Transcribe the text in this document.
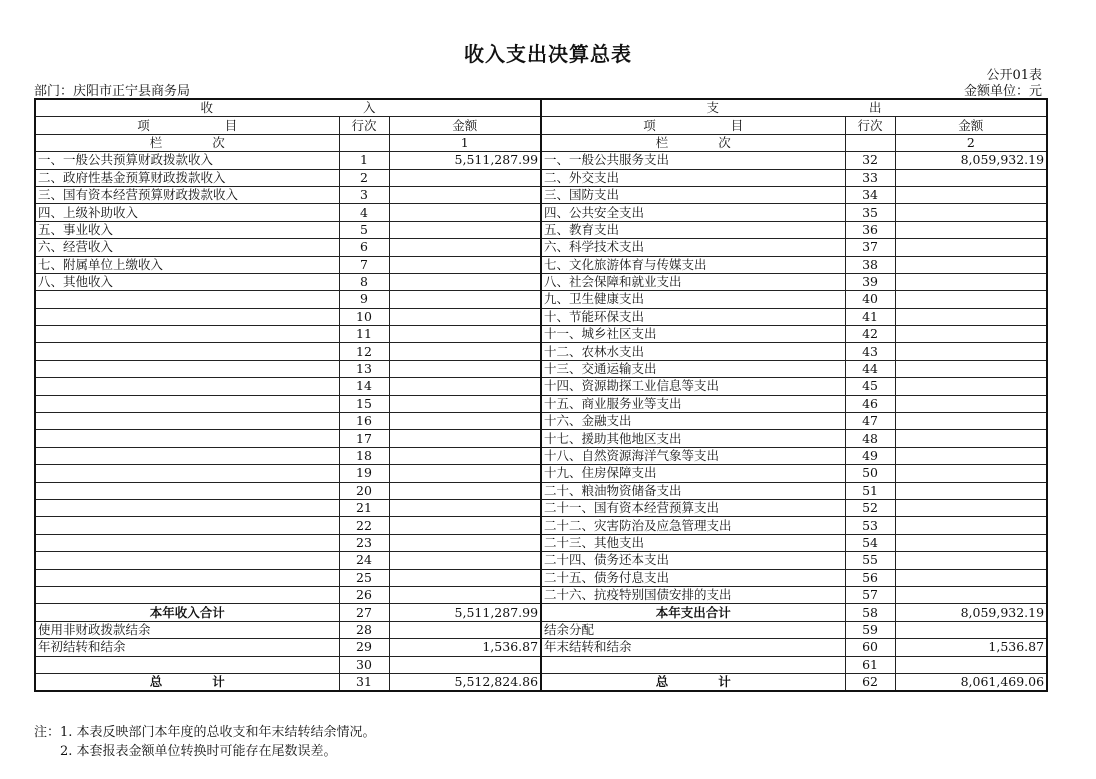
收入支出决算总表
公开01表
部门：庆阳市正宁县商务局	金额单位：元
收　　　　　　　　　　　　入			支　　　　　　　　　　　　出		
项　　　　　　目	行次	金额	项　　　　　　目	行次	金额
栏　　　　次		1	栏　　　　次		2
一、一般公共预算财政拨款收入	1	5,511,287.99	一、一般公共服务支出	32	8,059,932.19
二、政府性基金预算财政拨款收入	2		二、外交支出	33	
三、国有资本经营预算财政拨款收入	3		三、国防支出	34	
四、上级补助收入	4		四、公共安全支出	35	
五、事业收入	5		五、教育支出	36	
六、经营收入	6		六、科学技术支出	37	
七、附属单位上缴收入	7		七、文化旅游体育与传媒支出	38	
八、其他收入	8		八、社会保障和就业支出	39	
	9		九、卫生健康支出	40	
	10		十、节能环保支出	41	
	11		十一、城乡社区支出	42	
	12		十二、农林水支出	43	
	13		十三、交通运输支出	44	
	14		十四、资源勘探工业信息等支出	45	
	15		十五、商业服务业等支出	46	
	16		十六、金融支出	47	
	17		十七、援助其他地区支出	48	
	18		十八、自然资源海洋气象等支出	49	
	19		十九、住房保障支出	50	
	20		二十、粮油物资储备支出	51	
	21		二十一、国有资本经营预算支出	52	
	22		二十二、灾害防治及应急管理支出	53	
	23		二十三、其他支出	54	
	24		二十四、债务还本支出	55	
	25		二十五、债务付息支出	56	
	26		二十六、抗疫特别国债安排的支出	57	
本年收入合计	27	5,511,287.99	本年支出合计	58	8,059,932.19
使用非财政拨款结余	28		结余分配	59	
年初结转和结余	29	1,536.87	年末结转和结余	60	1,536.87
	30			61	
总　　　　计	31	5,512,824.86	总　　　　计	62	8,061,469.06
注：1. 本表反映部门本年度的总收支和年末结转结余情况。
2. 本套报表金额单位转换时可能存在尾数误差。
